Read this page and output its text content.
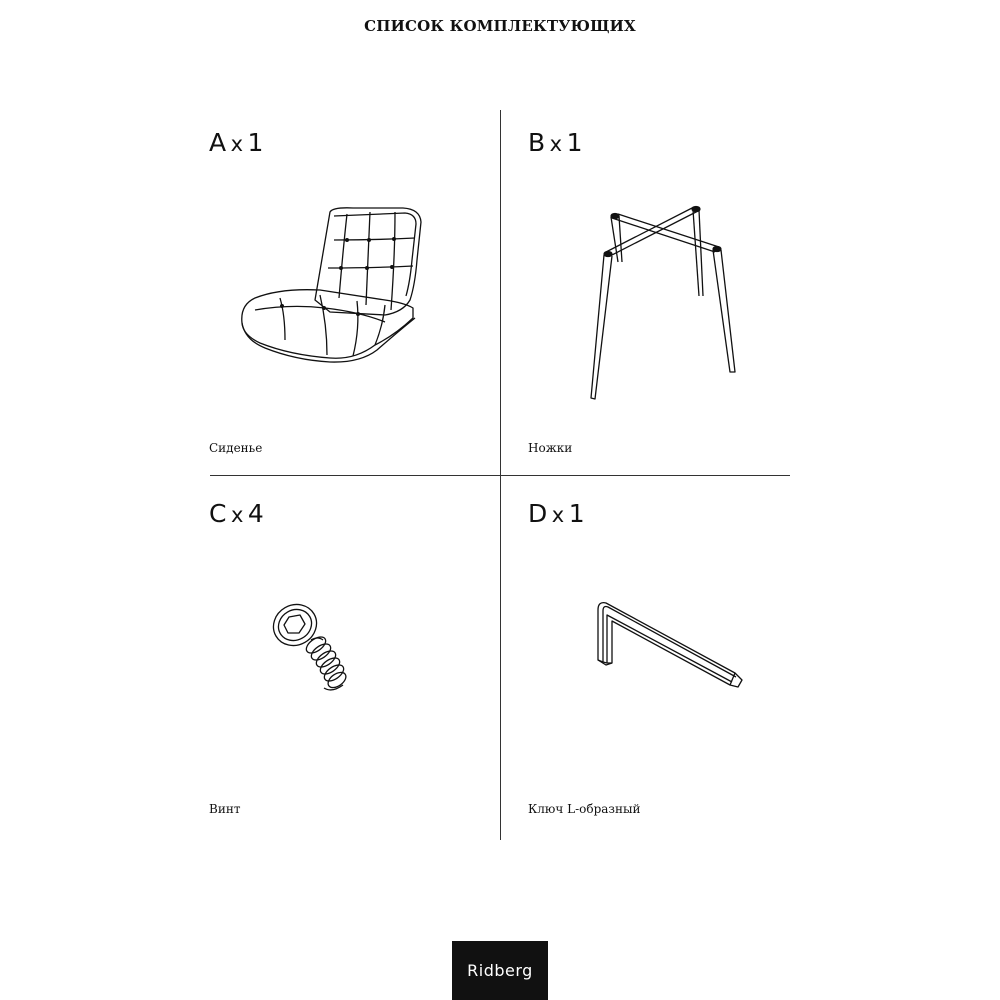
СПИСОК КОМПЛЕКТУЮЩИХ
A x 1
Сиденье
B x 1
Ножки
C x 4
Винт
D x 1
Ключ L-образный
Ridberg
